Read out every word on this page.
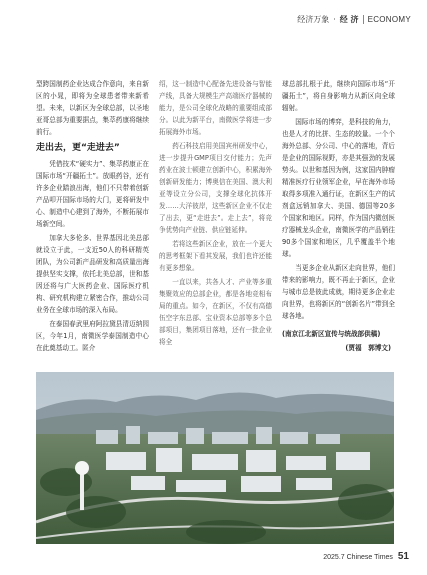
经济万象 · 经 济 ECONOMY

型跨国制药企业达成合作意向，来自新区的小晁，即将为全球患者带来新希望。未来，以新区为全球总部，以圣地亚哥总部为重要据点，集萃药康将继续前行。

走出去，更“走进去”

凭借技术“硬实力”、集萃药康正在国际市场“开疆拓土”。放眼药谷，还有许多企业踏浪出海，他们不只带着创新产品叩开国际市场的大门，更将研发中心、制造中心建到了海外，不断拓展市场新空间。

加拿大多伦多、世界基因北美总部就设立于此，一支近50人的科研精英团队，为公司新产品研发和高质量出海提供坚实支撑，依托北美总部，世和基因还将与广大医药企业、国际医疗机构、研究机构建立紧密合作，推动公司业务在全球市场的深入布局。

在泰国春武里府阿拉黛县清迈纳园区，今年1月，南微医学泰国制造中心在此奠基动工。匿介

绍，这一制造中心配备先进设备与智能产线，具备大规模生产高端医疗器械的能力，是公司全球化战略的重要组成部分。以此为新平台，南微医学将进一步拓展海外市场。

药石科技启用美国宾州研发中心，进一步提升GMP项目交付能力；先声药业在波士顿建立创新中心，积累海外创新研发能力；博奥信在美国、澳大利亚等设立分公司，支撑全球化抗体开发……大洋彼岸，这些新区企业不仅走了出去，更“走进去”。走上去”，将竞争优势向产业链、供应链延伸。

若将这些新区企业，放在一个更大的思考框架下看其发展，我们也许还能有更多想象。

一直以来，共各人才、产业等多重集聚效应的总部企业，都是各地竞相布局的重点。如今，在新区，不仅有高德伍空字东总部、宝业资本总部等多个总部项目，集团项目落地，还有一批企业将全

球总部扎根于此，继续向国际市场“开疆拓土”，将自身影响力从新区向全球辐射。

国际市场的博弈，是科技的角力，也是人才的比拼、生态的较量。一个个海外总部、分公司、中心的落地，背后是企业的国际视野，亦是其强劲的发展势头。以世和基因为例，这家国内肿瘤精准医疗行业领军企业，早在海外市场取得多项准入通行证，在新区生产的试剂盒远销加拿大、美国、德国等20多个国家和地区。同样，作为国内微创医疗器械龙头企业，南微医学的产品销往90多个国家和地区，几乎覆盖半个地球。

当更多企业从新区走向世界，他们带来的影响力，既不再止于新区，企业与城市总是彼此成就，期待更多企业走向世界，也将新区的“创新名片”带到全球各地。

(南京江北新区宣传与统战部供稿)

(贾福　郭博文)

2025.7 Chinese Times 51
